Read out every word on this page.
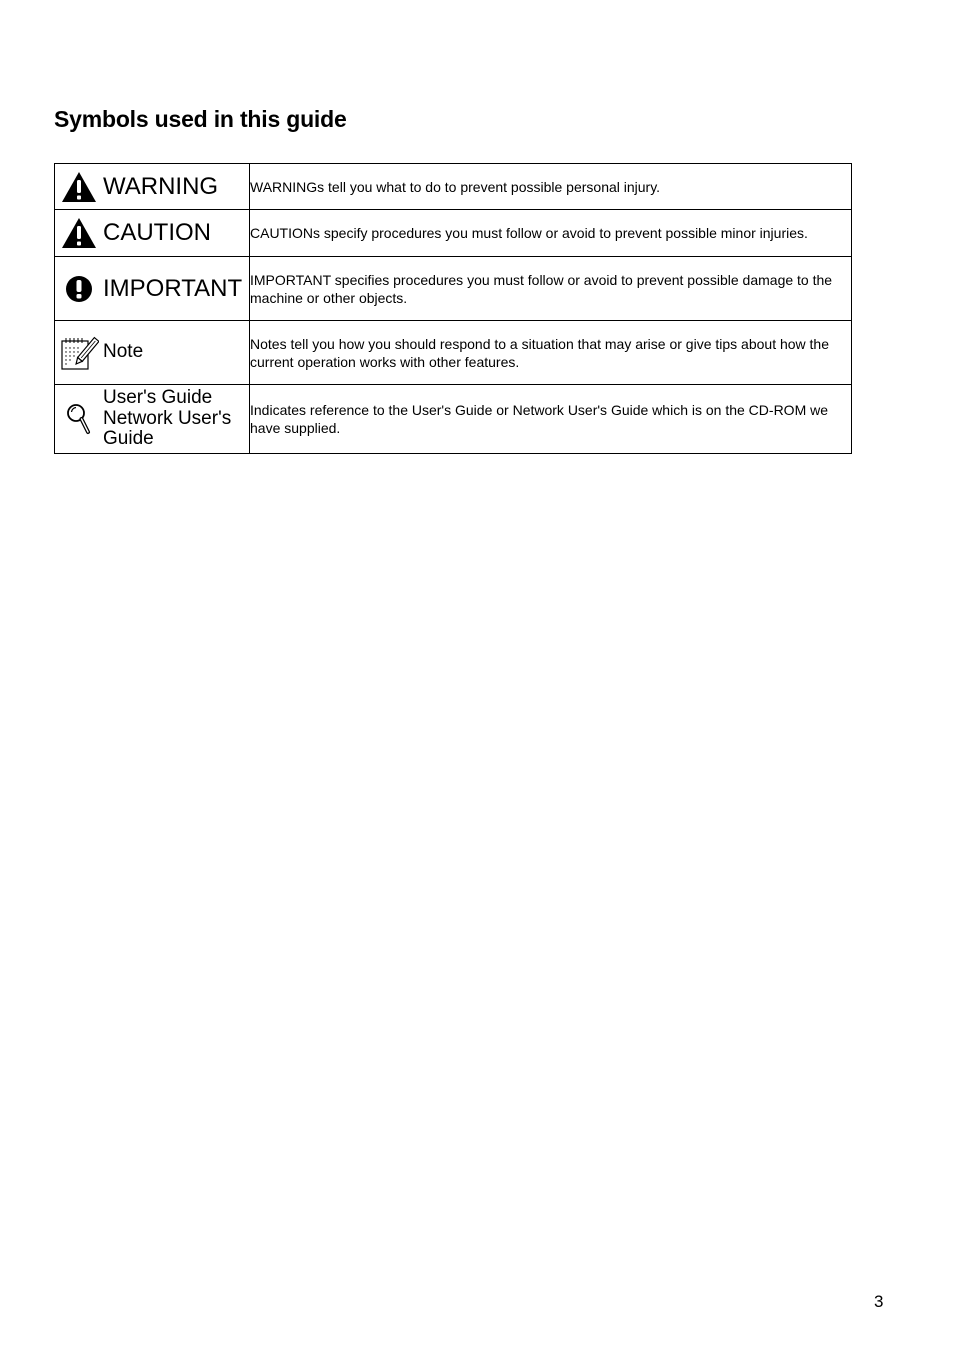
Symbols used in this guide
WARNING	WARNINGs tell you what to do to prevent possible personal injury.

CAUTION	CAUTIONs specify procedures you must follow or avoid to prevent possible minor injuries.

IMPORTANT	IMPORTANT specifies procedures you must follow or avoid to prevent possible damage to the machine or other objects.

Note	Notes tell you how you should respond to a situation that may arise or give tips about how the current operation works with other features.

User's Guide
Network User's
Guide	Indicates reference to the User's Guide or Network User's Guide which is on the CD-ROM we have supplied.
3
